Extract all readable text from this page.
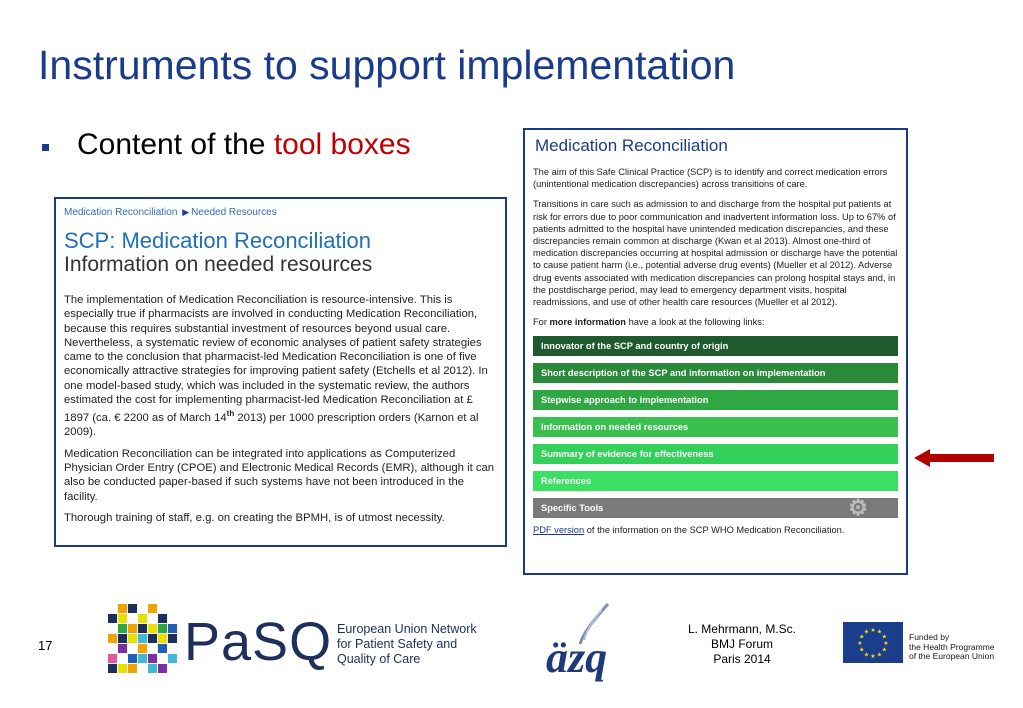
Instruments to support implementation
Content of the tool boxes
Medication Reconciliation ▶ Needed Resources
SCP: Medication Reconciliation
Information on needed resources

The implementation of Medication Reconciliation is resource-intensive. This is especially true if pharmacists are involved in conducting Medication Reconciliation, because this requires substantial investment of resources beyond usual care. Nevertheless, a systematic review of economic analyses of patient safety strategies came to the conclusion that pharmacist-led Medication Reconciliation is one of five economically attractive strategies for improving patient safety (Etchells et al 2012). In one model-based study, which was included in the systematic review, the authors estimated the cost for implementing pharmacist-led Medication Reconciliation at £ 1897 (ca. € 2200 as of March 14th 2013) per 1000 prescription orders (Karnon et al 2009).

Medication Reconciliation can be integrated into applications as Computerized Physician Order Entry (CPOE) and Electronic Medical Records (EMR), although it can also be conducted paper-based if such systems have not been introduced in the facility.

Thorough training of staff, e.g. on creating the BPMH, is of utmost necessity.

Medication Reconciliation

The aim of this Safe Clinical Practice (SCP) is to identify and correct medication errors (unintentional medication discrepancies) across transitions of care.

Transitions in care such as admission to and discharge from the hospital put patients at risk for errors due to poor communication and inadvertent information loss. Up to 67% of patients admitted to the hospital have unintended medication discrepancies, and these discrepancies remain common at discharge (Kwan et al 2013). Almost one-third of medication discrepancies occurring at hospital admission or discharge have the potential to cause patient harm (i.e., potential adverse drug events) (Mueller et al 2012). Adverse drug events associated with medication discrepancies can prolong hospital stays and, in the postdischarge period, may lead to emergency department visits, hospital readmissions, and use of other health care resources (Mueller et al 2012).

For more information have a look at the following links:

Innovator of the SCP and country of origin
Short description of the SCP and information on implementation
Stepwise approach to implementation
Information on needed resources
Summary of evidence for effectiveness
References
Specific Tools	⚙
PDF version of the information on the SCP WHO Medication Reconciliation.
17 PaSQ European Union Network
for Patient Safety and
Quality of Care	äzq
L. Mehrmann, M.Sc.
BMJ Forum
Paris 2014
★
★
★
★
★
★
★
★
★ ★ ★
★	Funded by
the Health Programme
of the European Union
